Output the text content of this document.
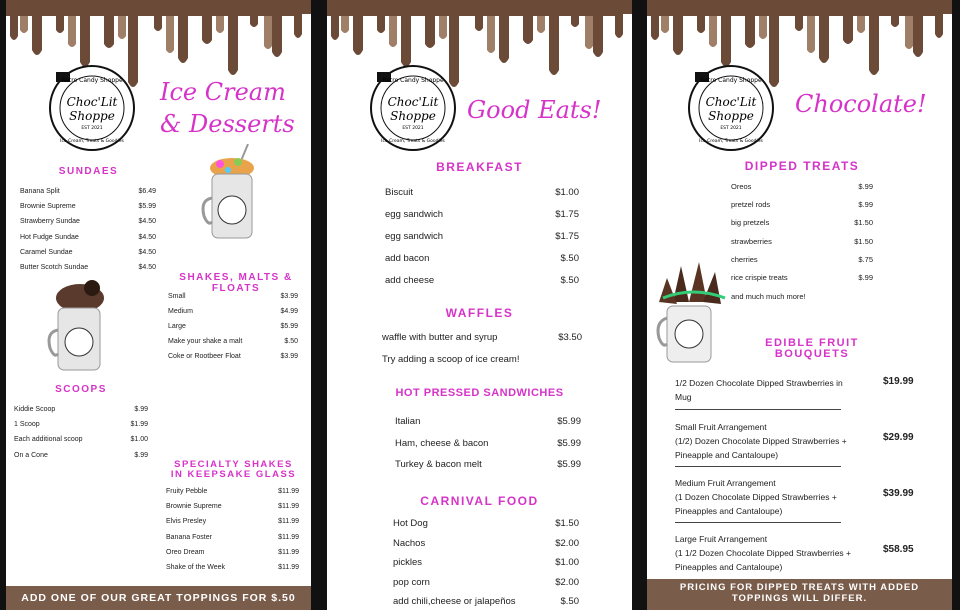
Retro Candy Shoppe
Choc'Lit
Shoppe
EST 2021
Ice Cream, Treats & Goodies
Ice Cream
& Desserts
SUNDAES
Banana Split	$6.49
Brownie Supreme	$5.99
Strawberry Sundae	$4.50
Hot Fudge Sundae	$4.50
Caramel Sundae	$4.50
Butter Scotch Sundae	$4.50
SHAKES, MALTS &
FLOATS
Small	$3.99
Medium	$4.99
Large	$5.99
Make your shake a malt	$.50
Coke or Rootbeer Float	$3.99
SCOOPS
Kiddie Scoop	$.99
1 Scoop	$1.99
Each additional scoop	$1.00
On a Cone	$.99
SPECIALTY SHAKES
IN KEEPSAKE GLASS
Fruity Pebble	$11.99
Brownie Supreme	$11.99
Elvis Presley	$11.99
Banana Foster	$11.99
Oreo Dream	$11.99
Shake of the Week	$11.99
ADD ONE OF OUR GREAT TOPPINGS FOR $.50
Retro Candy Shoppe
Choc'Lit
Shoppe
EST 2021
Ice Cream, Treats & Goodies
Good Eats!
BREAKFAST
Biscuit	$1.00
egg sandwich	$1.75
egg sandwich	$1.75
add bacon	$.50
add cheese	$.50
WAFFLES
waffle with butter and syrup	$3.50
Try adding a scoop of ice cream!
HOT PRESSED SANDWICHES
Italian	$5.99
Ham, cheese & bacon	$5.99
Turkey & bacon melt	$5.99
CARNIVAL FOOD
Hot Dog	$1.50
Nachos	$2.00
pickles	$1.00
pop corn	$2.00
add chili,cheese or jalapeños	$.50
Retro Candy Shoppe
Choc'Lit
Shoppe
EST 2021
Ice Cream, Treats & Goodies
Chocolate!
DIPPED TREATS
Oreos	$.99
pretzel rods	$.99
big pretzels	$1.50
strawberries	$1.50
cherries	$.75
rice crispie treats	$.99
and much much more!
EDIBLE FRUIT
BOUQUETS
1/2 Dozen Chocolate Dipped Strawberries in
Mug
$19.99
Small Fruit Arrangement
(1/2) Dozen Chocolate Dipped Strawberries +
Pineapple and Cantaloupe)
$29.99
Medium Fruit Arrangement
(1 Dozen Chocolate Dipped Strawberries +
Pineapples and Cantaloupe)
$39.99
Large Fruit Arrangement
(1 1/2 Dozen Chocolate Dipped Strawberries +
Pineapples and Cantaloupe)
$58.95
PRICING FOR DIPPED TREATS WITH ADDED
TOPPINGS WILL DIFFER.
